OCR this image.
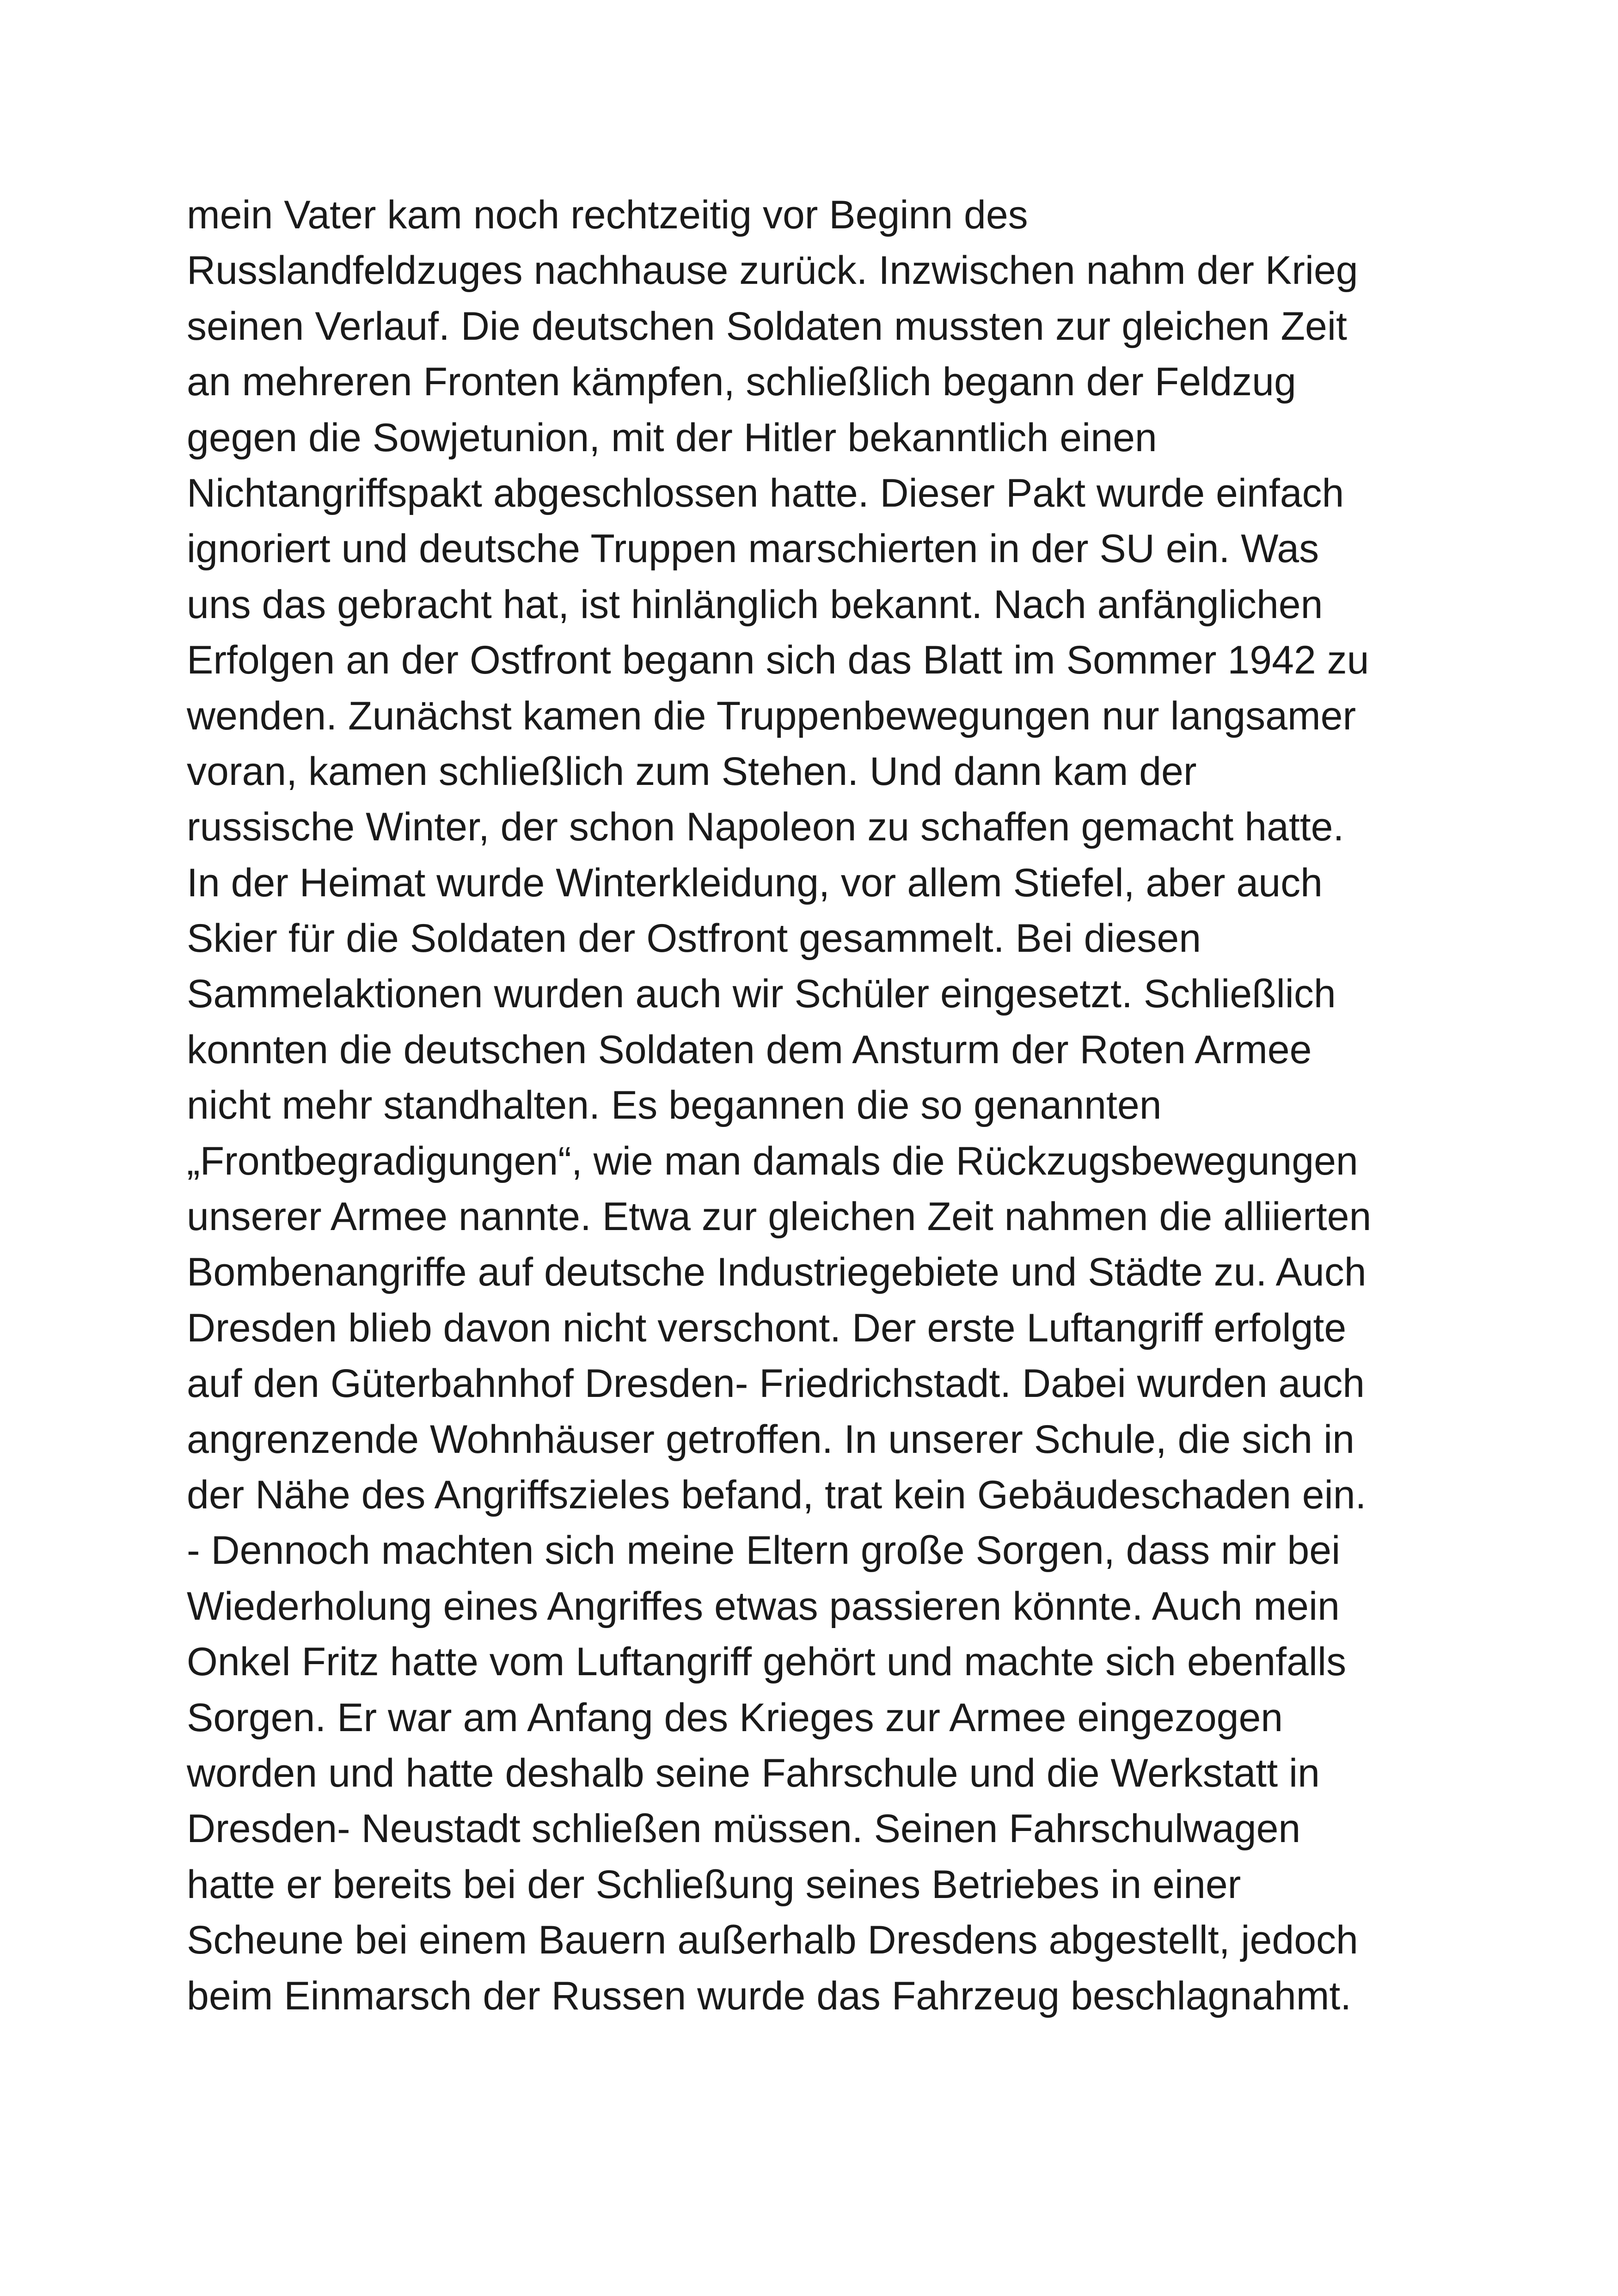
mein Vater kam noch rechtzeitig vor Beginn des
Russlandfeldzuges nachhause zurück. Inzwischen nahm der Krieg
seinen Verlauf. Die deutschen Soldaten mussten zur gleichen Zeit
an mehreren Fronten kämpfen, schließlich begann der Feldzug
gegen die Sowjetunion, mit der Hitler bekanntlich einen
Nichtangriffspakt abgeschlossen hatte. Dieser Pakt wurde einfach
ignoriert und deutsche Truppen marschierten in der SU ein. Was
uns das gebracht hat, ist hinlänglich bekannt. Nach anfänglichen
Erfolgen an der Ostfront begann sich das Blatt im Sommer 1942 zu
wenden. Zunächst kamen die Truppenbewegungen nur langsamer
voran, kamen schließlich zum Stehen. Und dann kam der
russische Winter, der schon Napoleon zu schaffen gemacht hatte.
In der Heimat wurde Winterkleidung, vor allem Stiefel, aber auch
Skier für die Soldaten der Ostfront gesammelt. Bei diesen
Sammelaktionen wurden auch wir Schüler eingesetzt. Schließlich
konnten die deutschen Soldaten dem Ansturm der Roten Armee
nicht mehr standhalten. Es begannen die so genannten
„Frontbegradigungen“, wie man damals die Rückzugsbewegungen
unserer Armee nannte. Etwa zur gleichen Zeit nahmen die alliierten
Bombenangriffe auf deutsche Industriegebiete und Städte zu. Auch
Dresden blieb davon nicht verschont. Der erste Luftangriff erfolgte
auf den Güterbahnhof Dresden- Friedrichstadt. Dabei wurden auch
angrenzende Wohnhäuser getroffen. In unserer Schule, die sich in
der Nähe des Angriffszieles befand, trat kein Gebäudeschaden ein.
- Dennoch machten sich meine Eltern große Sorgen, dass mir bei
Wiederholung eines Angriffes etwas passieren könnte. Auch mein
Onkel Fritz hatte vom Luftangriff gehört und machte sich ebenfalls
Sorgen. Er war am Anfang des Krieges zur Armee eingezogen
worden und hatte deshalb seine Fahrschule und die Werkstatt in
Dresden- Neustadt schließen müssen. Seinen Fahrschulwagen
hatte er bereits bei der Schließung seines Betriebes in einer
Scheune bei einem Bauern außerhalb Dresdens abgestellt, jedoch
beim Einmarsch der Russen wurde das Fahrzeug beschlagnahmt.
